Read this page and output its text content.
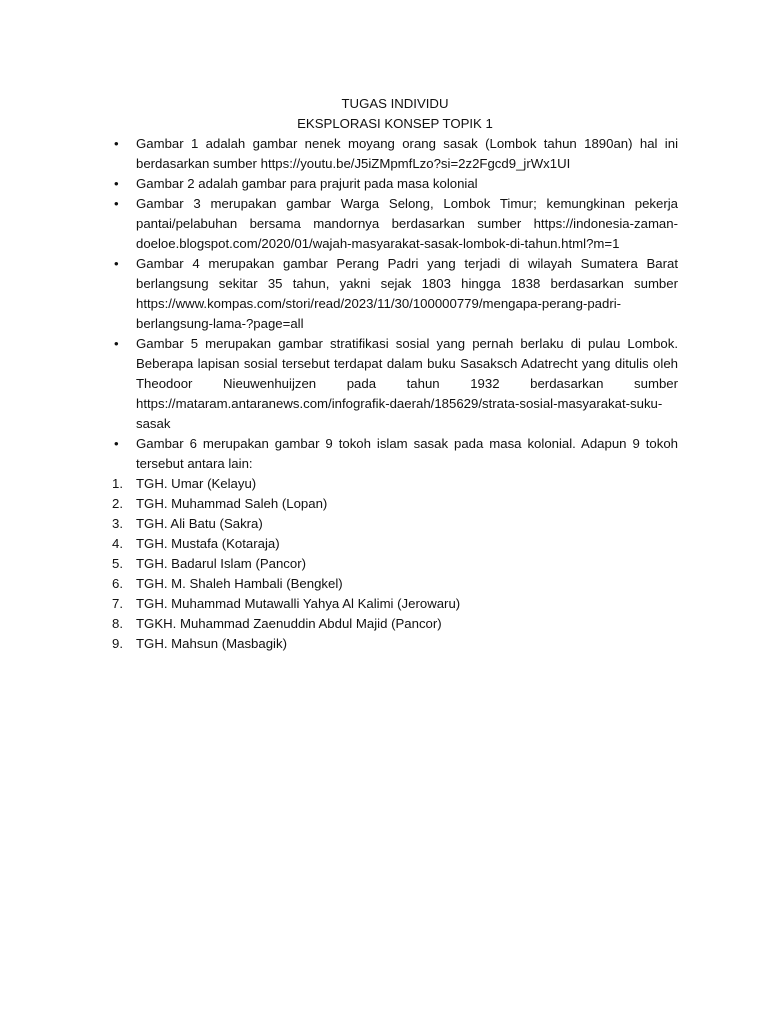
TUGAS INDIVIDU

EKSPLORASI KONSEP TOPIK 1

•	Gambar 1 adalah gambar nenek moyang orang sasak (Lombok tahun 1890an) hal ini berdasarkan sumber https://youtu.be/J5iZMpmfLzo?si=2z2Fgcd9_jrWx1UI
•	Gambar 2 adalah gambar para prajurit pada masa kolonial
•	Gambar 3 merupakan gambar Warga Selong, Lombok Timur; kemungkinan pekerja pantai/pelabuhan bersama mandornya berdasarkan sumber https://indonesia-zaman-doeloe.blogspot.com/2020/01/wajah-masyarakat-sasak-lombok-di-tahun.html?m=1
•	Gambar 4 merupakan gambar Perang Padri yang terjadi di wilayah Sumatera Barat berlangsung sekitar 35 tahun, yakni sejak 1803 hingga 1838 berdasarkan sumber https://www.kompas.com/stori/read/2023/11/30/100000779/mengapa-perang-padri-berlangsung-lama-?page=all
•	Gambar 5 merupakan gambar stratifikasi sosial yang pernah berlaku di pulau Lombok. Beberapa lapisan sosial tersebut terdapat dalam buku Sasaksch Adatrecht yang ditulis oleh Theodoor Nieuwenhuijzen pada tahun 1932 berdasarkan sumber https://mataram.antaranews.com/infografik-daerah/185629/strata-sosial-masyarakat-suku-sasak
•	Gambar 6 merupakan gambar 9 tokoh islam sasak pada masa kolonial. Adapun 9 tokoh tersebut antara lain:
1. TGH. Umar (Kelayu)
2. TGH. Muhammad Saleh (Lopan)
3. TGH. Ali Batu (Sakra)
4. TGH. Mustafa (Kotaraja)
5. TGH. Badarul Islam (Pancor)
6. TGH. M. Shaleh Hambali (Bengkel)
7. TGH. Muhammad Mutawalli Yahya Al Kalimi (Jerowaru)
8. TGKH. Muhammad Zaenuddin Abdul Majid (Pancor)
9. TGH. Mahsun (Masbagik)
